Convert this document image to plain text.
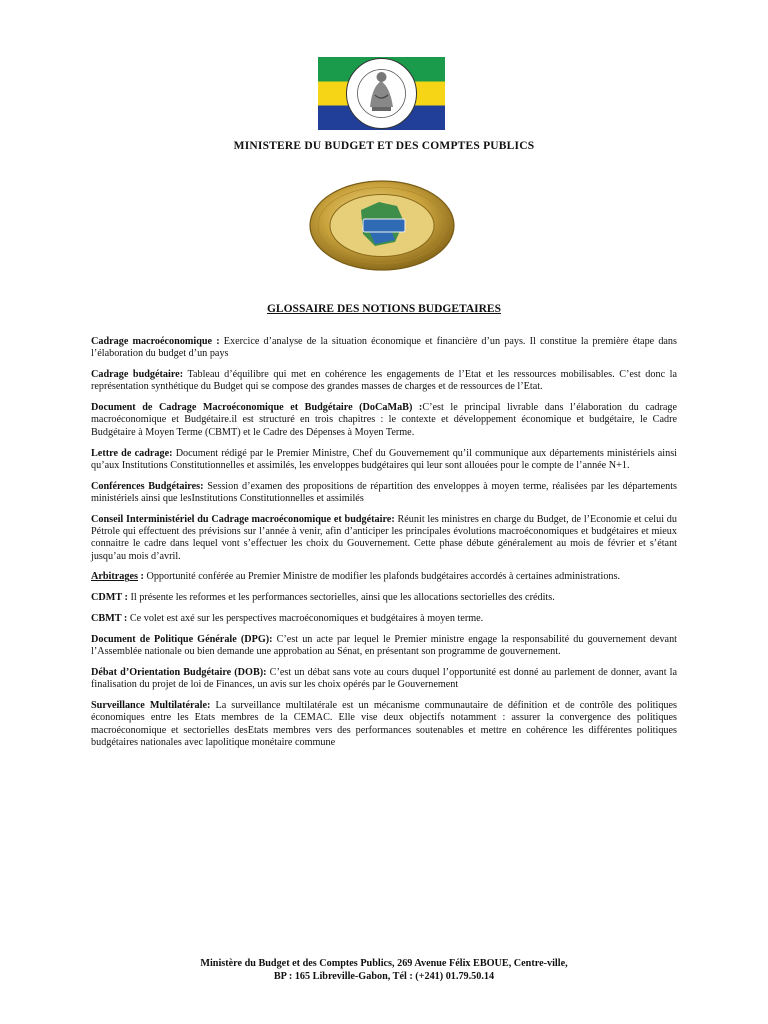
MINISTERE DU BUDGET ET DES COMPTES PUBLICS
GLOSSAIRE DES NOTIONS BUDGETAIRES

Cadrage macroéconomique : Exercice d’analyse de la situation économique et financière d’un pays. Il constitue la première étape dans l’élaboration du budget d’un pays

Cadrage budgétaire: Tableau d’équilibre qui met en cohérence les engagements de l’Etat et les ressources mobilisables. C’est donc la représentation synthétique du Budget qui se compose des grandes masses de charges et de ressources de l’Etat.

Document de Cadrage Macroéconomique et Budgétaire (DoCaMaB) :C’est le principal livrable dans l’élaboration du cadrage macroéconomique et Budgétaire.il est structuré en trois chapitres : le contexte et développement économique et budgétaire, le Cadre Budgétaire à Moyen Terme (CBMT) et le Cadre des Dépenses à Moyen Terme.

Lettre de cadrage: Document rédigé par le Premier Ministre, Chef du Gouvernement qu’il communique aux départements ministériels ainsi qu’aux Institutions Constitutionnelles et assimilés, les enveloppes budgétaires qui leur sont allouées pour le compte de l’année N+1.

Conférences Budgétaires: Session d’examen des propositions de répartition des enveloppes à moyen terme, réalisées par les départements ministériels ainsi que lesInstitutions Constitutionnelles et assimilés

Conseil Interministériel du Cadrage macroéconomique et budgétaire: Réunit les ministres en charge du Budget, de l’Economie et celui du Pétrole qui effectuent des prévisions sur l’année à venir, afin d’anticiper les principales évolutions macroéconomiques et budgétaires et mieux connaitre le cadre dans lequel vont s’effectuer les choix du Gouvernement. Cette phase débute généralement au mois de février et s’étant jusqu’au mois d’avril.

Arbitrages : Opportunité conférée au Premier Ministre de modifier les plafonds budgétaires accordés à certaines administrations.

CDMT : Il présente les reformes et les performances sectorielles, ainsi que les allocations sectorielles des crédits.

CBMT : Ce volet est axé sur les perspectives macroéconomiques et budgétaires à moyen terme.

Document de Politique Générale (DPG): C’est un acte par lequel le Premier ministre engage la responsabilité du gouvernement devant l’Assemblée nationale ou bien demande une approbation au Sénat, en présentant son programme de gouvernement.

Débat d’Orientation Budgétaire (DOB): C’est un débat sans vote au cours duquel l’opportunité est donné au parlement de donner, avant la finalisation du projet de loi de Finances, un avis sur les choix opérés par le Gouvernement

Surveillance Multilatérale: La surveillance multilatérale est un mécanisme communautaire de définition et de contrôle des politiques économiques entre les Etats membres de la CEMAC. Elle vise deux objectifs notamment : assurer la convergence des politiques macroéconomique et sectorielles desEtats membres vers des performances soutenables et mettre en cohérence les différentes politiques budgétaires nationales avec lapolitique monétaire commune

Ministère du Budget et des Comptes Publics, 269 Avenue Félix EBOUE, Centre-ville,
BP : 165 Libreville-Gabon, Tél : (+241) 01.79.50.14
